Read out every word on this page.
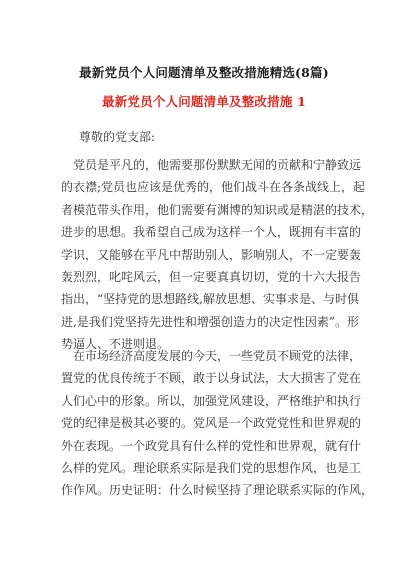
最新党员个人问题清单及整改措施精选(8篇)
最新党员个人问题清单及整改措施 1
尊敬的党支部:
党员是平凡的，他需要那份默默无闻的贡献和宁静致远
的衣襟;党员也应该是优秀的，他们战斗在各条战线上，起
者模范带头作用，他们需要有渊博的知识或是精湛的技术，
进步的思想。我希望自己成为这样一个人，既拥有丰富的
学识，又能够在平凡中帮助别人，影响别人，不一定要轰
轰烈烈，叱咤风云，但一定要真真切切，党的十六大报告
指出，“坚持党的思想路线,解放思想、实事求是、与时俱
进,是我们党坚持先进性和增强创造力的决定性因素”。形
势逼人、不进则退。
在市场经济高度发展的今天，一些党员不顾党的法律，
置党的优良传统于不顾，敢于以身试法，大大损害了党在
人们心中的形象。所以，加强党风建设，严格维护和执行
党的纪律是极其必要的。党风是一个政党党性和世界观的
外在表现。一个政党具有什么样的党性和世界观，就有什
么样的党风。理论联系实际是我们党的思想作风，也是工
作作风。历史证明：什么时候坚持了理论联系实际的作风，
